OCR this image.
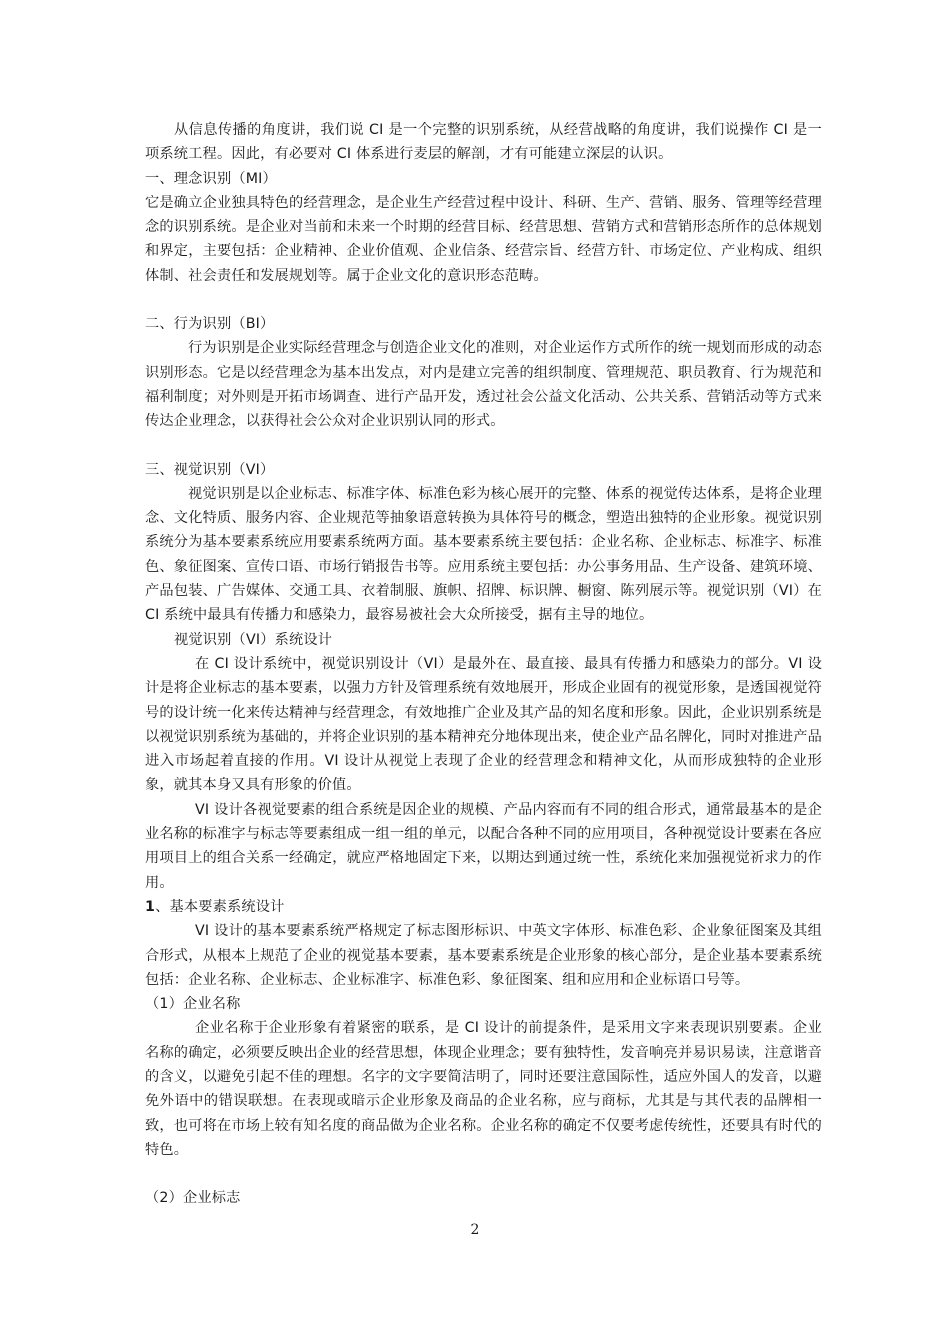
从信息传播的角度讲，我们说 CI 是一个完整的识别系统，从经营战略的角度讲，我们说操作 CI 是一项系统工程。因此，有必要对 CI 体系进行麦层的解剖，才有可能建立深层的认识。

一、理念识别（MI）

它是确立企业独具特色的经营理念，是企业生产经营过程中设计、科研、生产、营销、服务、管理等经营理念的识别系统。是企业对当前和未来一个时期的经营目标、经营思想、营销方式和营销形态所作的总体规划和界定，主要包括：企业精神、企业价值观、企业信条、经营宗旨、经营方针、市场定位、产业构成、组织体制、社会责任和发展规划等。属于企业文化的意识形态范畴。

二、行为识别（BI）

行为识别是企业实际经营理念与创造企业文化的准则，对企业运作方式所作的统一规划而形成的动态识别形态。它是以经营理念为基本出发点，对内是建立完善的组织制度、管理规范、职员教育、行为规范和福利制度；对外则是开拓市场调查、进行产品开发，透过社会公益文化活动、公共关系、营销活动等方式来传达企业理念，以获得社会公众对企业识别认同的形式。

三、视觉识别（VI）

视觉识别是以企业标志、标准字体、标准色彩为核心展开的完整、体系的视觉传达体系，是将企业理念、文化特质、服务内容、企业规范等抽象语意转换为具体符号的概念，塑造出独特的企业形象。视觉识别系统分为基本要素系统应用要素系统两方面。基本要素系统主要包括：企业名称、企业标志、标准字、标准色、象征图案、宣传口语、市场行销报告书等。应用系统主要包括：办公事务用品、生产设备、建筑环境、产品包装、广告媒体、交通工具、衣着制服、旗帜、招牌、标识牌、橱窗、陈列展示等。视觉识别（VI）在 CI 系统中最具有传播力和感染力，最容易被社会大众所接受，据有主导的地位。

视觉识别（VI）系统设计

在 CI 设计系统中，视觉识别设计（VI）是最外在、最直接、最具有传播力和感染力的部分。VI 设计是将企业标志的基本要素，以强力方针及管理系统有效地展开，形成企业固有的视觉形象，是透国视觉符号的设计统一化来传达精神与经营理念，有效地推广企业及其产品的知名度和形象。因此，企业识别系统是以视觉识别系统为基础的，并将企业识别的基本精神充分地体现出来，使企业产品名牌化，同时对推进产品进入市场起着直接的作用。VI 设计从视觉上表现了企业的经营理念和精神文化，从而形成独特的企业形象，就其本身又具有形象的价值。

VI 设计各视觉要素的组合系统是因企业的规模、产品内容而有不同的组合形式，通常最基本的是企业名称的标准字与标志等要素组成一组一组的单元，以配合各种不同的应用项目，各种视觉设计要素在各应用项目上的组合关系一经确定，就应严格地固定下来，以期达到通过统一性，系统化来加强视觉祈求力的作用。

1、基本要素系统设计

VI 设计的基本要素系统严格规定了标志图形标识、中英文字体形、标准色彩、企业象征图案及其组合形式，从根本上规范了企业的视觉基本要素，基本要素系统是企业形象的核心部分，是企业基本要素系统包括：企业名称、企业标志、企业标准字、标准色彩、象征图案、组和应用和企业标语口号等。

（1）企业名称

企业名称于企业形象有着紧密的联系，是 CI 设计的前提条件，是采用文字来表现识别要素。企业名称的确定，必须要反映出企业的经营思想，体现企业理念；要有独特性，发音响亮并易识易读，注意谐音的含义，以避免引起不佳的理想。名字的文字要简洁明了，同时还要注意国际性，适应外国人的发音，以避免外语中的错误联想。在表现或暗示企业形象及商品的企业名称，应与商标，尤其是与其代表的品牌相一致，也可将在市场上较有知名度的商品做为企业名称。企业名称的确定不仅要考虑传统性，还要具有时代的特色。

（2）企业标志

2
